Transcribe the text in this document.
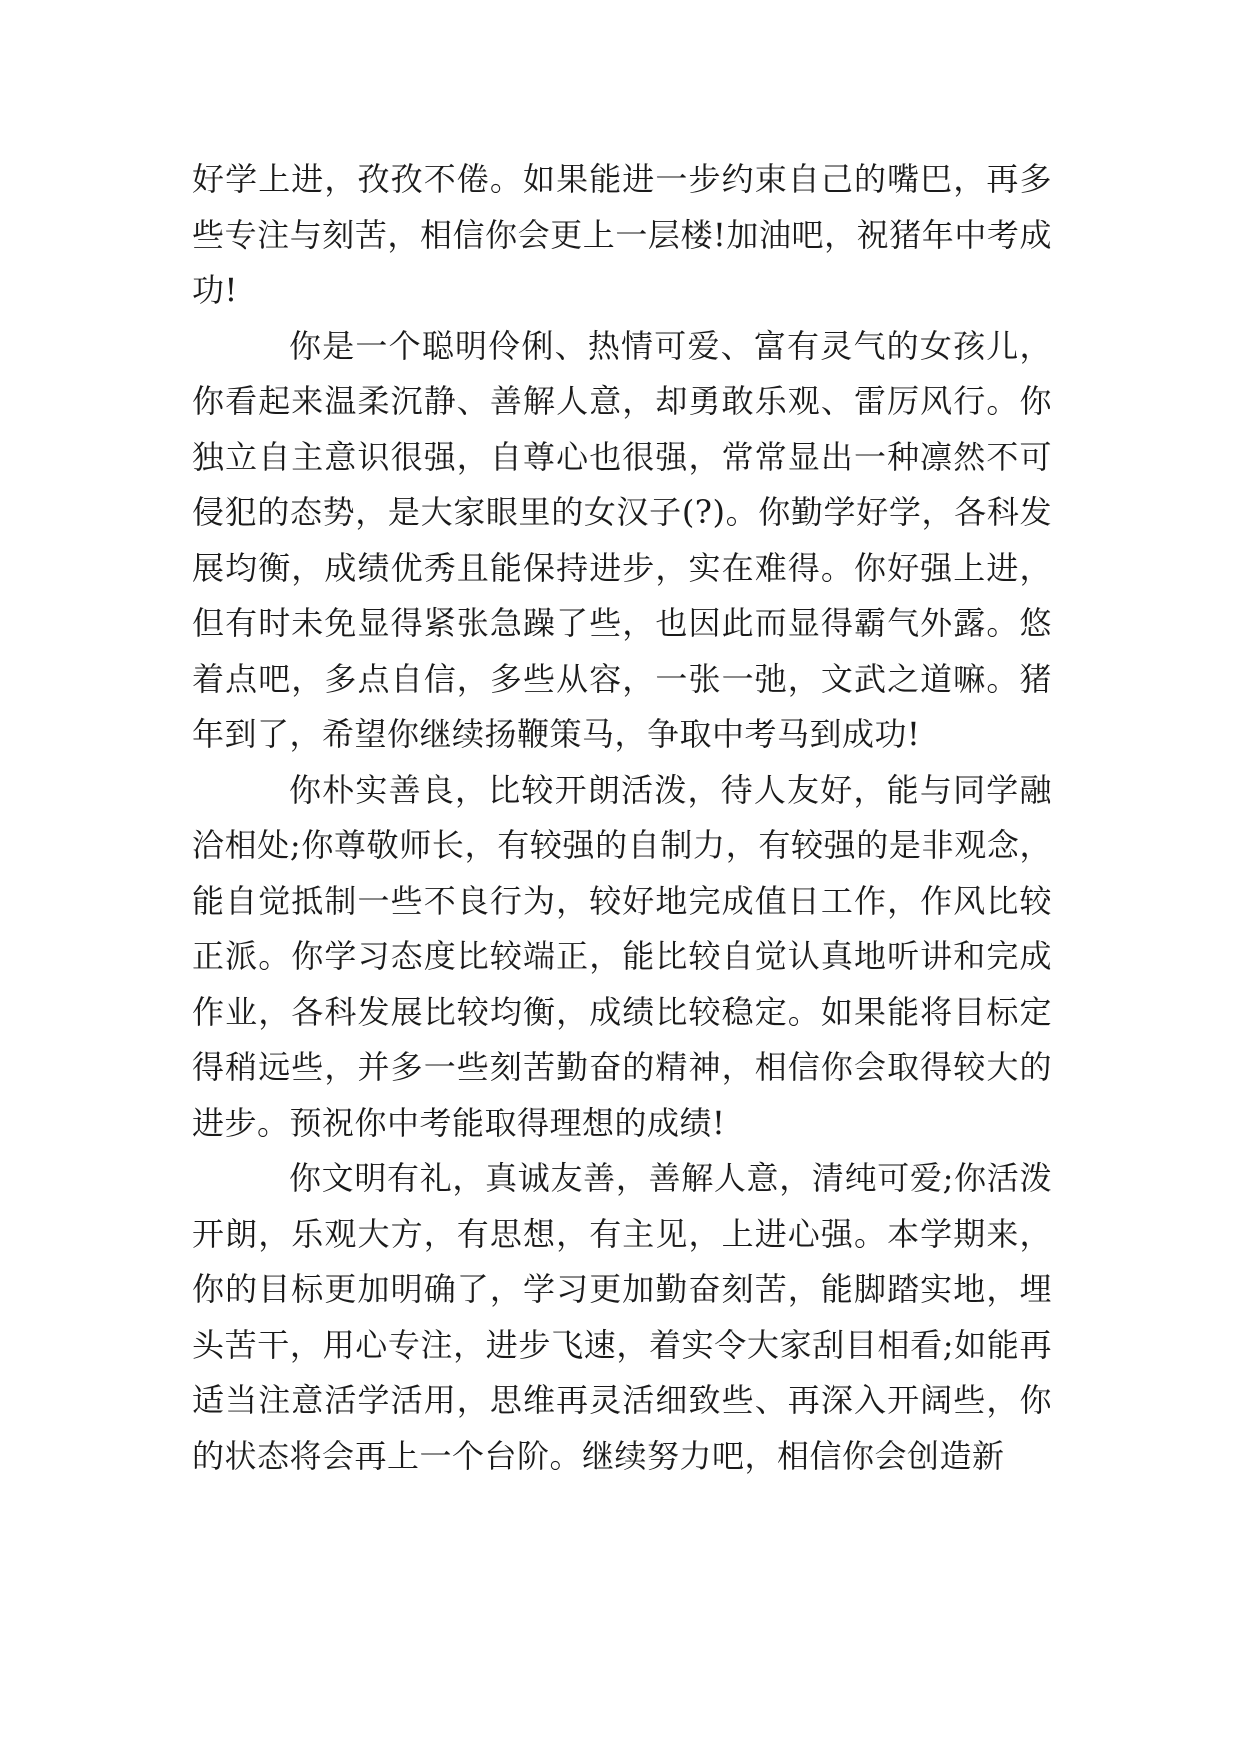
好学上进，孜孜不倦。如果能进一步约束自己的嘴巴，再多些专注与刻苦，相信你会更上一层楼!加油吧，祝猪年中考成功!

你是一个聪明伶俐、热情可爱、富有灵气的女孩儿，你看起来温柔沉静、善解人意，却勇敢乐观、雷厉风行。你独立自主意识很强，自尊心也很强，常常显出一种凛然不可侵犯的态势，是大家眼里的女汉子(?)。你勤学好学，各科发展均衡，成绩优秀且能保持进步，实在难得。你好强上进，但有时未免显得紧张急躁了些，也因此而显得霸气外露。悠着点吧，多点自信，多些从容，一张一弛，文武之道嘛。猪年到了，希望你继续扬鞭策马，争取中考马到成功!

你朴实善良，比较开朗活泼，待人友好，能与同学融洽相处;你尊敬师长，有较强的自制力，有较强的是非观念，能自觉抵制一些不良行为，较好地完成值日工作，作风比较正派。你学习态度比较端正，能比较自觉认真地听讲和完成作业，各科发展比较均衡，成绩比较稳定。如果能将目标定得稍远些，并多一些刻苦勤奋的精神，相信你会取得较大的进步。预祝你中考能取得理想的成绩!

你文明有礼，真诚友善，善解人意，清纯可爱;你活泼开朗，乐观大方，有思想，有主见，上进心强。本学期来，你的目标更加明确了，学习更加勤奋刻苦，能脚踏实地，埋头苦干，用心专注，进步飞速，着实令大家刮目相看;如能再适当注意活学活用，思维再灵活细致些、再深入开阔些，你的状态将会再上一个台阶。继续努力吧，相信你会创造新
